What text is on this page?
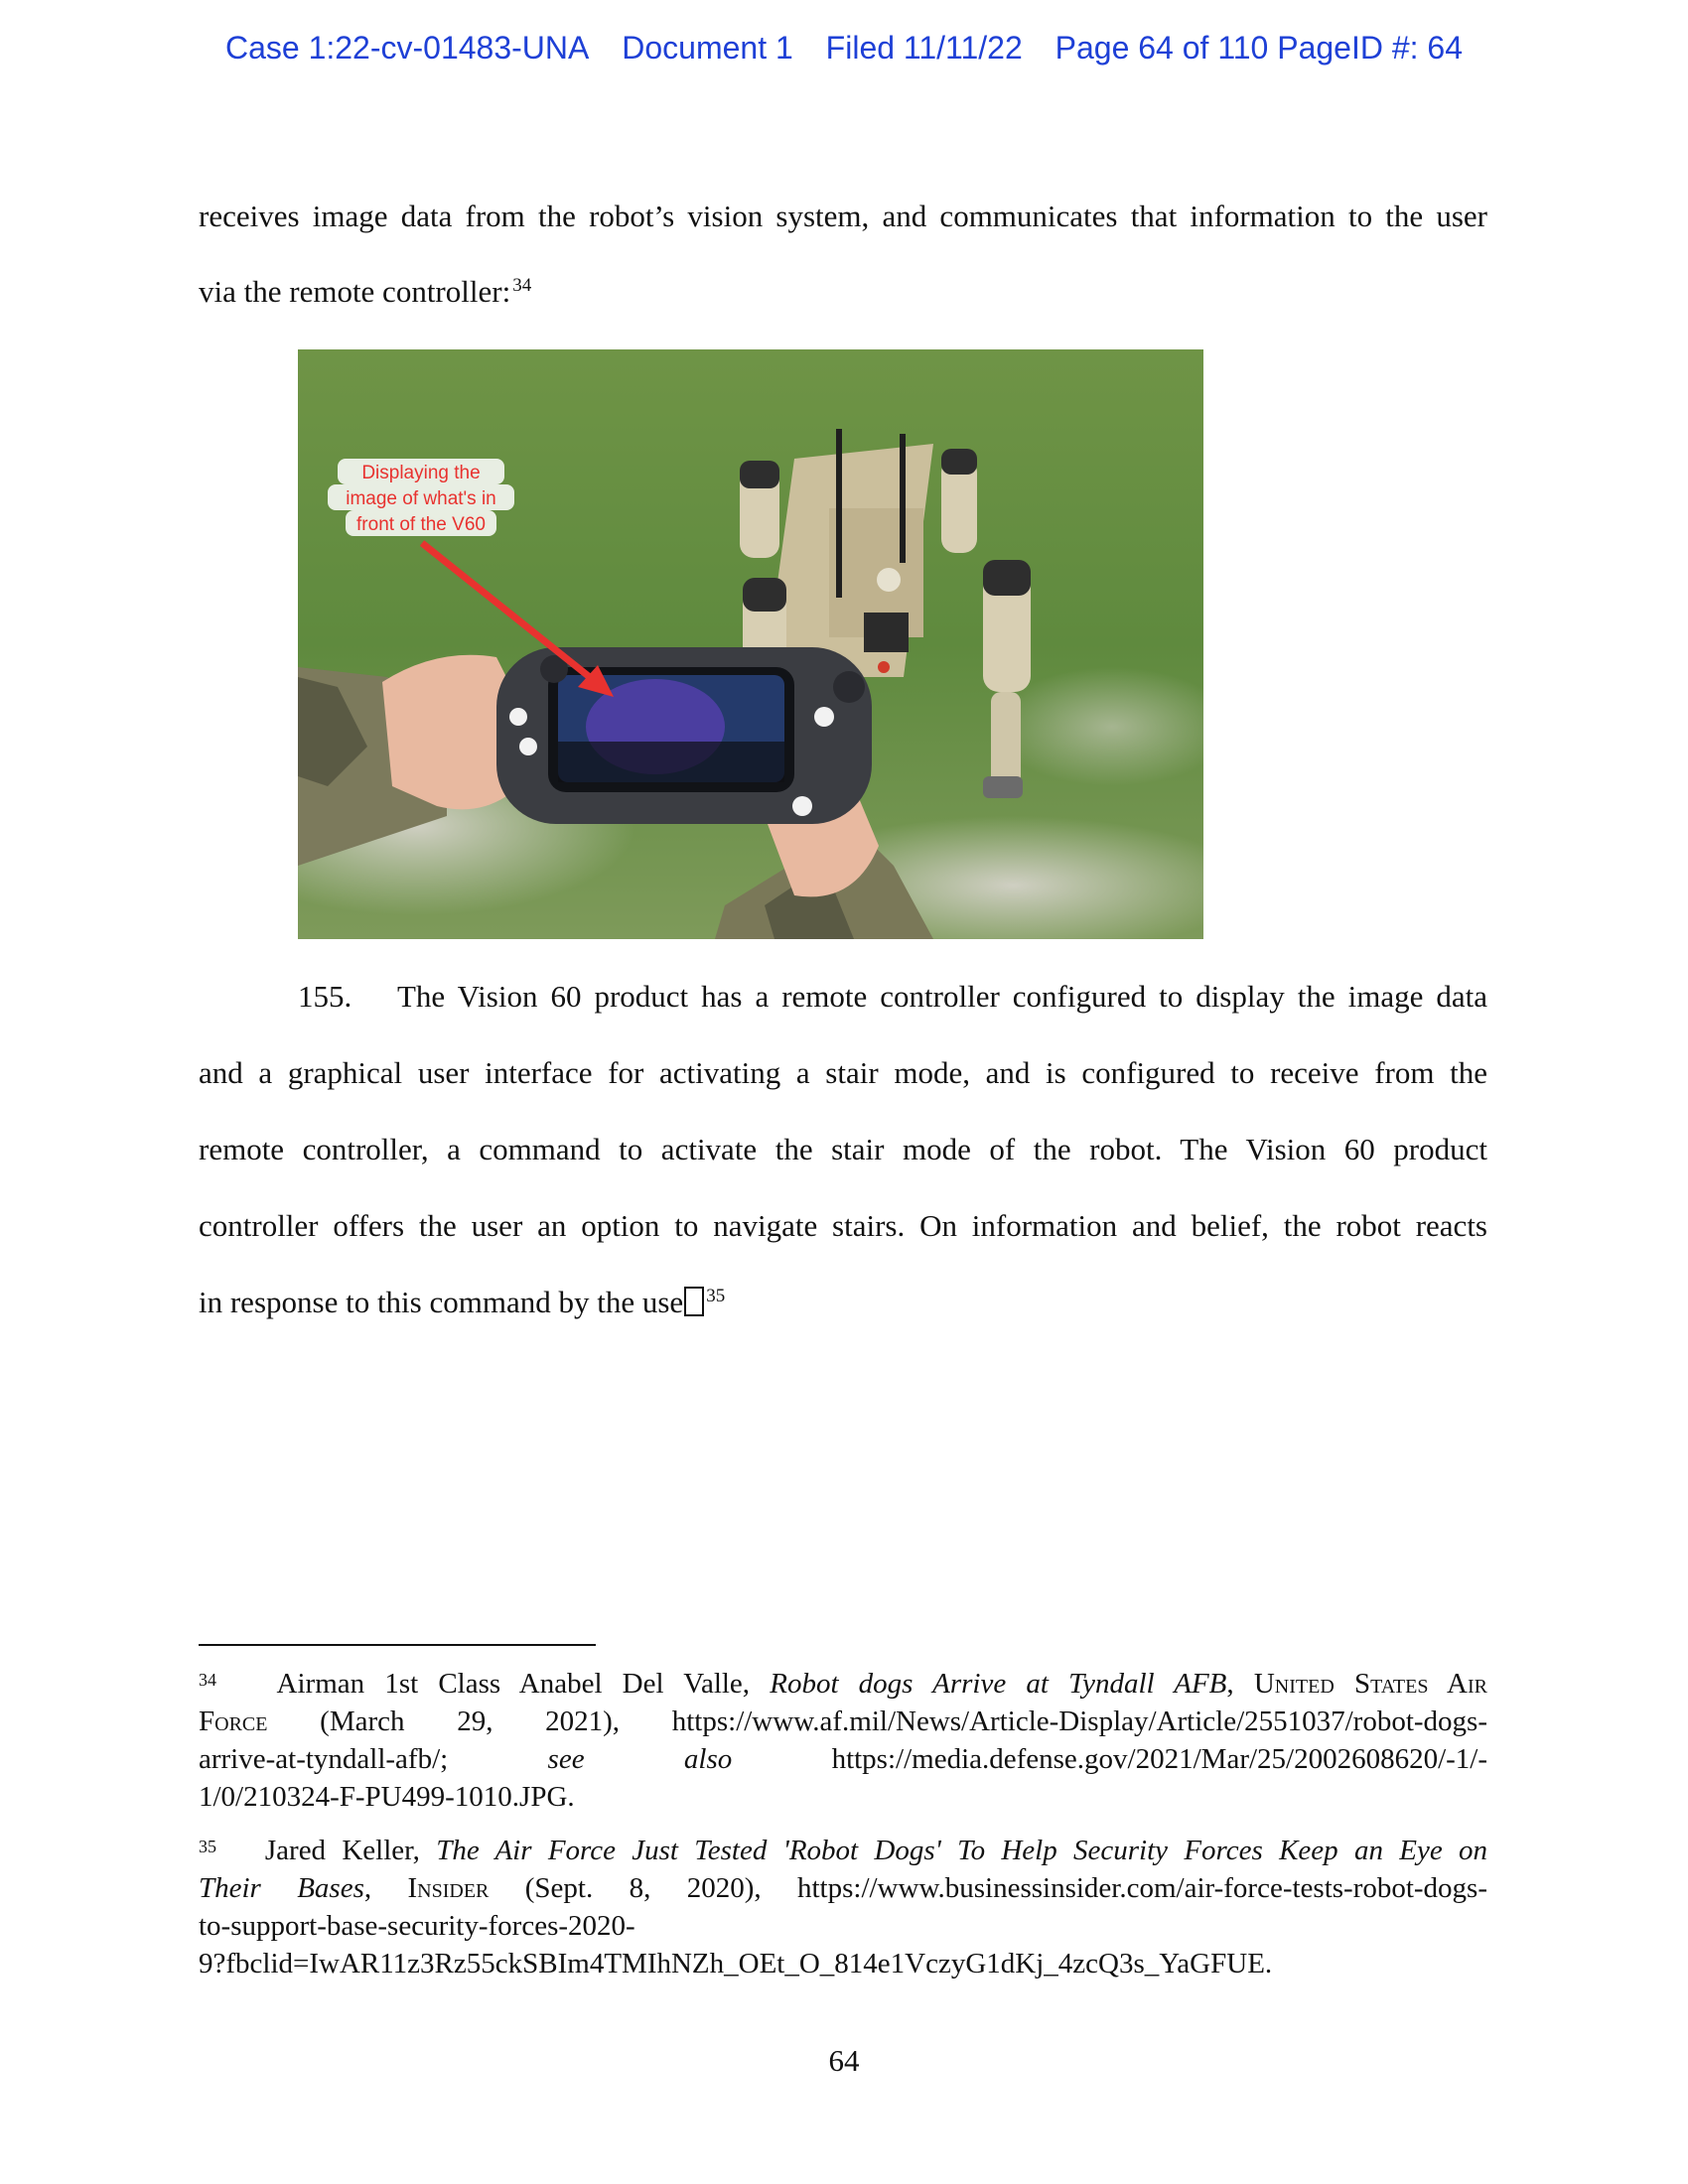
Case 1:22-cv-01483-UNA Document 1 Filed 11/11/22 Page 64 of 110 PageID #: 64
receives image data from the robot’s vision system, and communicates that information to the user
via the remote controller: $^{34}$
Displaying the
image of what's in
front of the V60
155. The Vision 60 product has a remote controller configured to display the image data
and a graphical user interface for activating a stair mode, and is configured to receive from the
remote controller, a command to activate the stair mode of the robot. The Vision 60 product
controller offers the user an option to navigate stairs. On information and belief, the robot reacts
in response to this command by the use $^{35}$
$^{34}$ Airman 1st Class Anabel Del Valle, Robot dogs Arrive at Tyndall AFB, United States Air
Force (March 29, 2021), https://www.af.mil/News/Article-Display/Article/2551037/robot-dogs-
arrive-at-tyndall-afb/;	see	also	https://media.defense.gov/2021/Mar/25/2002608620/-1/-
1/0/210324-F-PU499-1010.JPG.
$^{35}$ Jared Keller, The Air Force Just Tested 'Robot Dogs' To Help Security Forces Keep an Eye on
Their Bases, Insider (Sept. 8, 2020), https://www.businessinsider.com/air-force-tests-robot-dogs-
to-support-base-security-forces-2020-
9?fbclid=IwAR11z3Rz55ckSBIm4TMIhNZh_OEt_O_814e1VczyG1dKj_4zcQ3s_YaGFUE.
64
